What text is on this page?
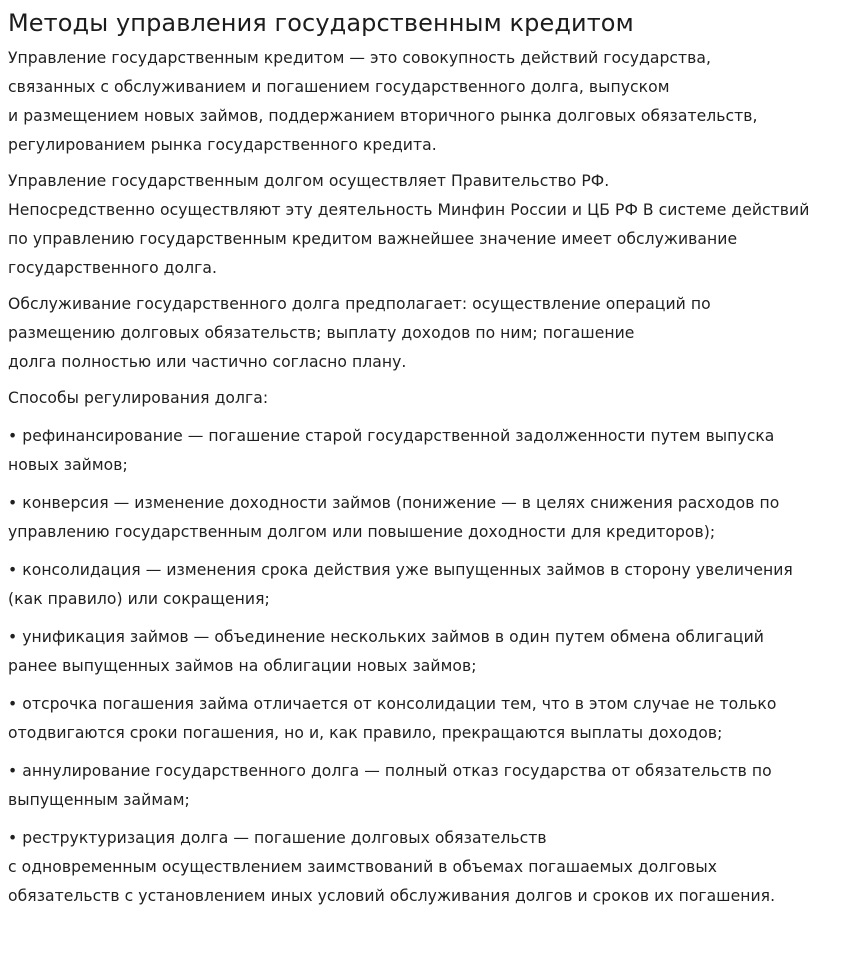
Методы управления государственным кредитом

Управление государственным кредитом — это совокупность действий государства,
связанных с обслуживанием и погашением государственного долга, выпуском
и размещением новых займов, поддержанием вторичного рынка долговых обязательств,
регулированием рынка государственного кредита.

Управление государственным долгом осуществляет Правительство РФ.
Непосредственно осуществляют эту деятельность Минфин России и ЦБ РФ В системе действий
по управлению государственным кредитом важнейшее значение имеет обслуживание
государственного долга.

Обслуживание государственного долга предполагает: осуществление операций по
размещению долговых обязательств; выплату доходов по ним; погашение
долга полностью или частично согласно плану.

Способы регулирования долга:

• рефинансирование — погашение старой государственной задолженности путем выпуска
новых займов;

• конверсия — изменение доходности займов (понижение — в целях снижения расходов по
управлению государственным долгом или повышение доходности для кредиторов);

• консолидация — изменения срока действия уже выпущенных займов в сторону увеличения
(как правило) или сокращения;

• унификация займов — объединение нескольких займов в один путем обмена облигаций
ранее выпущенных займов на облигации новых займов;

• отсрочка погашения займа отличается от консолидации тем, что в этом случае не только
отодвигаются сроки погашения, но и, как правило, прекращаются выплаты доходов;

• аннулирование государственного долга — полный отказ государства от обязательств по
выпущенным займам;

• реструктуризация долга — погашение долговых обязательств
с одновременным осуществлением заимствований в объемах погашаемых долговых
обязательств с установлением иных условий обслуживания долгов и сроков их погашения.
